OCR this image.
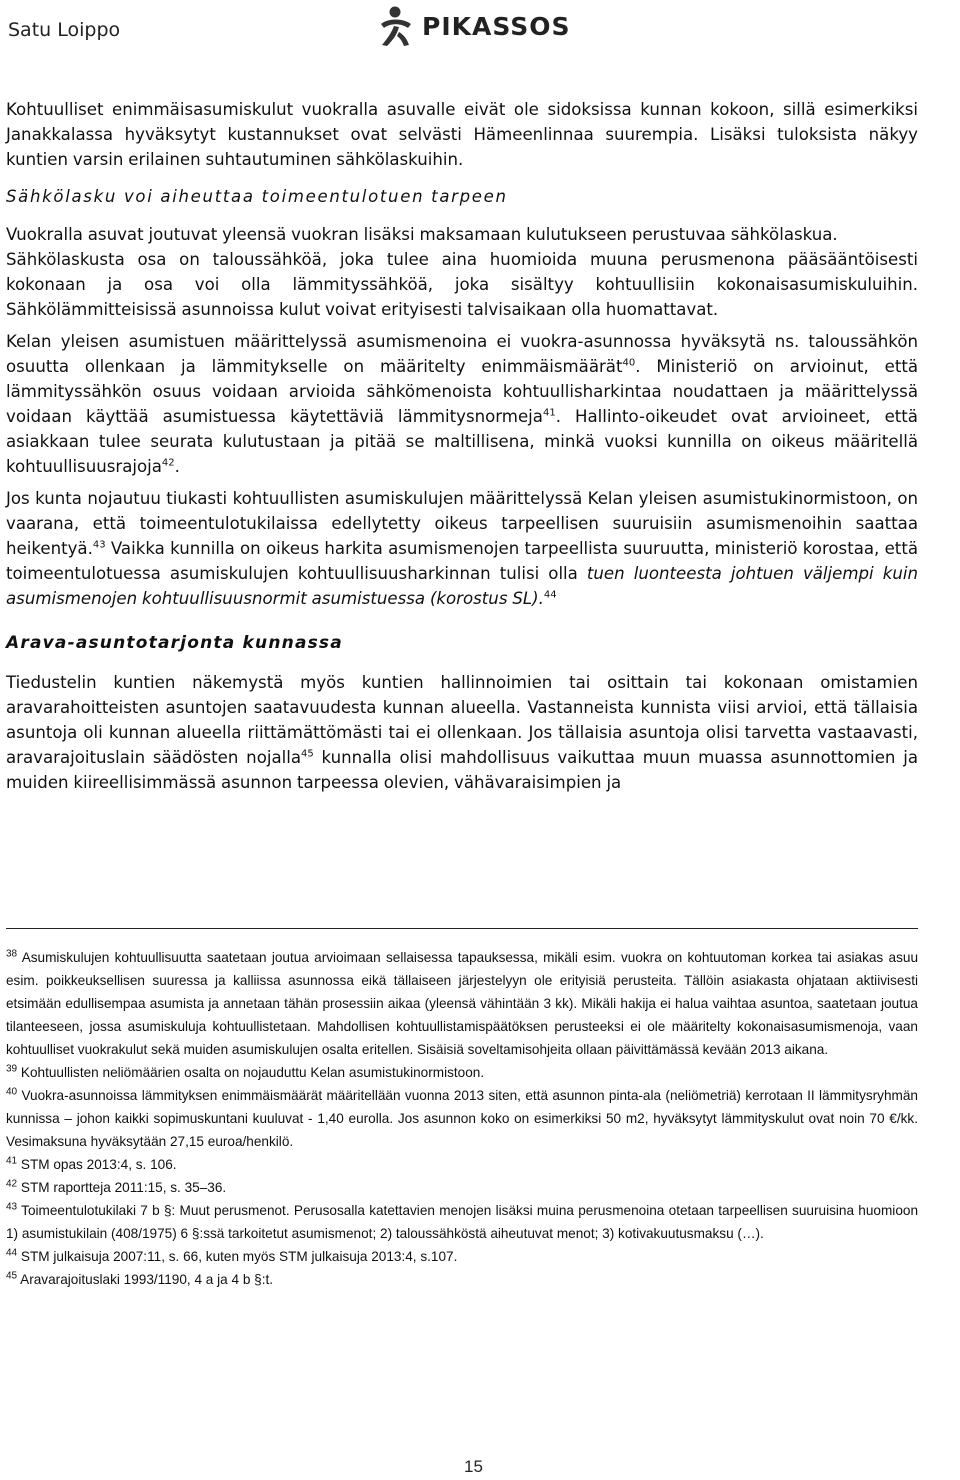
Satu Loippo	PIKASSOS

Kohtuulliset enimmäisasumiskulut vuokralla asuvalle eivät ole sidoksissa kunnan kokoon, sillä esimerkiksi Janakkalassa hyväksytyt kustannukset ovat selvästi Hämeenlinnaa suurempia. Lisäksi tuloksista näkyy kuntien varsin erilainen suhtautuminen sähkölaskuihin.

Sähkölasku voi aiheuttaa toimeentulotuen tarpeen

Vuokralla asuvat joutuvat yleensä vuokran lisäksi maksamaan kulutukseen perustuvaa sähkölaskua.

Sähkölaskusta osa on taloussähköä, joka tulee aina huomioida muuna perusmenona pääsääntöisesti kokonaan ja osa voi olla lämmityssähköä, joka sisältyy kohtuullisiin kokonaisasumiskuluihin. Sähkölämmitteisissä asunnoissa kulut voivat erityisesti talvisaikaan olla huomattavat.

Kelan yleisen asumistuen määrittelyssä asumismenoina ei vuokra-asunnossa hyväksytä ns. taloussähkön osuutta ollenkaan ja lämmitykselle on määritelty enimmäismäärät$^{40}$. Ministeriö on arvioinut, että lämmityssähkön osuus voidaan arvioida sähkömenoista kohtuullisharkintaa noudattaen ja määrittelyssä voidaan käyttää asumistuessa käytettäviä lämmitysnormeja$^{41}$. Hallinto-oikeudet ovat arvioineet, että asiakkaan tulee seurata kulutustaan ja pitää se maltillisena, minkä vuoksi kunnilla on oikeus määritellä kohtuullisuusrajoja$^{42}$.

Jos kunta nojautuu tiukasti kohtuullisten asumiskulujen määrittelyssä Kelan yleisen asumistukinormistoon, on vaarana, että toimeentulotukilaissa edellytetty oikeus tarpeellisen suuruisiin asumismenoihin saattaa heikentyä.$^{43}$ Vaikka kunnilla on oikeus harkita asumismenojen tarpeellista suuruutta, ministeriö korostaa, että toimeentulotuessa asumiskulujen kohtuullisuusharkinnan tulisi olla tuen luonteesta johtuen väljempi kuin asumismenojen kohtuullisuusnormit asumistuessa (korostus SL).$^{44}$

Arava-asuntotarjonta kunnassa

Tiedustelin kuntien näkemystä myös kuntien hallinnoimien tai osittain tai kokonaan omistamien aravarahoitteisten asuntojen saatavuudesta kunnan alueella. Vastanneista kunnista viisi arvioi, että tällaisia asuntoja oli kunnan alueella riittämättömästi tai ei ollenkaan. Jos tällaisia asuntoja olisi tarvetta vastaavasti, aravarajoituslain säädösten nojalla$^{45}$ kunnalla olisi mahdollisuus vaikuttaa muun muassa asunnottomien ja muiden kiireellisimmässä asunnon tarpeessa olevien, vähävaraisimpien ja

$^{38}$ Asumiskulujen kohtuullisuutta saatetaan joutua arvioimaan sellaisessa tapauksessa, mikäli esim. vuokra on kohtuutoman korkea tai asiakas asuu esim. poikkeuksellisen suuressa ja kalliissa asunnossa eikä tällaiseen järjestelyyn ole erityisiä perusteita. Tällöin asiakasta ohjataan aktiivisesti etsimään edullisempaa asumista ja annetaan tähän prosessiin aikaa (yleensä vähintään 3 kk). Mikäli hakija ei halua vaihtaa asuntoa, saatetaan joutua tilanteeseen, jossa asumiskuluja kohtuullistetaan. Mahdollisen kohtuullistamispäätöksen perusteeksi ei ole määritelty kokonaisasumismenoja, vaan kohtuulliset vuokrakulut sekä muiden asumiskulujen osalta eritellen. Sisäisiä soveltamisohjeita ollaan päivittämässä kevään 2013 aikana.

$^{39}$ Kohtuullisten neliömäärien osalta on nojauduttu Kelan asumistukinormistoon.

$^{40}$ Vuokra-asunnoissa lämmityksen enimmäismäärät määritellään vuonna 2013 siten, että asunnon pinta-ala (neliömetriä) kerrotaan II lämmitysryhmän kunnissa – johon kaikki sopimuskuntani kuuluvat - 1,40 eurolla. Jos asunnon koko on esimerkiksi 50 m2, hyväksytyt lämmityskulut ovat noin 70 €/kk. Vesimaksuna hyväksytään 27,15 euroa/henkilö.

$^{41}$ STM opas 2013:4, s. 106.

$^{42}$ STM raportteja 2011:15, s. 35–36.

$^{43}$ Toimeentulotukilaki 7 b §: Muut perusmenot. Perusosalla katettavien menojen lisäksi muina perusmenoina otetaan tarpeellisen suuruisina huomioon 1) asumistukilain (408/1975) 6 §:ssä tarkoitetut asumismenot; 2) taloussähköstä aiheutuvat menot; 3) kotivakuutusmaksu (…).

$^{44}$ STM julkaisuja 2007:11, s. 66, kuten myös STM julkaisuja 2013:4, s.107.

$^{45}$ Aravarajoituslaki 1993/1190, 4 a ja 4 b §:t.

15
